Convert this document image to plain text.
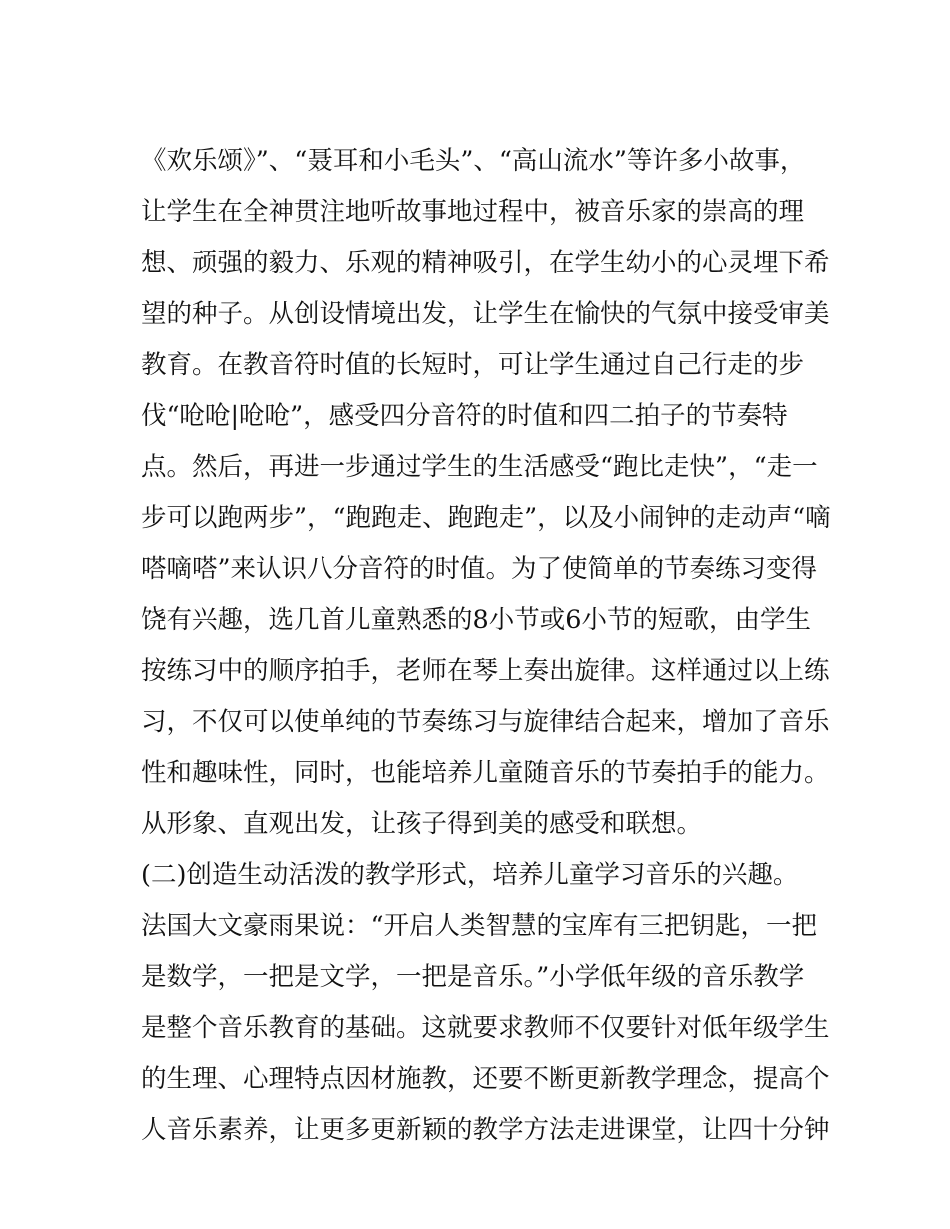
《欢乐颂》”、“聂耳和小毛头”、“高山流水”等许多小故事，
让学生在全神贯注地听故事地过程中，被音乐家的崇高的理
想、顽强的毅力、乐观的精神吸引，在学生幼小的心灵埋下希
望的种子。从创设情境出发，让学生在愉快的气氛中接受审美
教育。在教音符时值的长短时，可让学生通过自己行走的步
伐“呛呛|呛呛”，感受四分音符的时值和四二拍子的节奏特
点。然后，再进一步通过学生的生活感受“跑比走快”，“走一
步可以跑两步”，“跑跑走、跑跑走”，以及小闹钟的走动声“嘀
嗒嘀嗒”来认识八分音符的时值。为了使简单的节奏练习变得
饶有兴趣，选几首儿童熟悉的8小节或6小节的短歌，由学生
按练习中的顺序拍手，老师在琴上奏出旋律。这样通过以上练
习，不仅可以使单纯的节奏练习与旋律结合起来，增加了音乐
性和趣味性，同时，也能培养儿童随音乐的节奏拍手的能力。
从形象、直观出发，让孩子得到美的感受和联想。
(二)创造生动活泼的教学形式，培养儿童学习音乐的兴趣。
法国大文豪雨果说：“开启人类智慧的宝库有三把钥匙，一把
是数学，一把是文学，一把是音乐。”小学低年级的音乐教学
是整个音乐教育的基础。这就要求教师不仅要针对低年级学生
的生理、心理特点因材施教，还要不断更新教学理念，提高个
人音乐素养，让更多更新颖的教学方法走进课堂，让四十分钟
